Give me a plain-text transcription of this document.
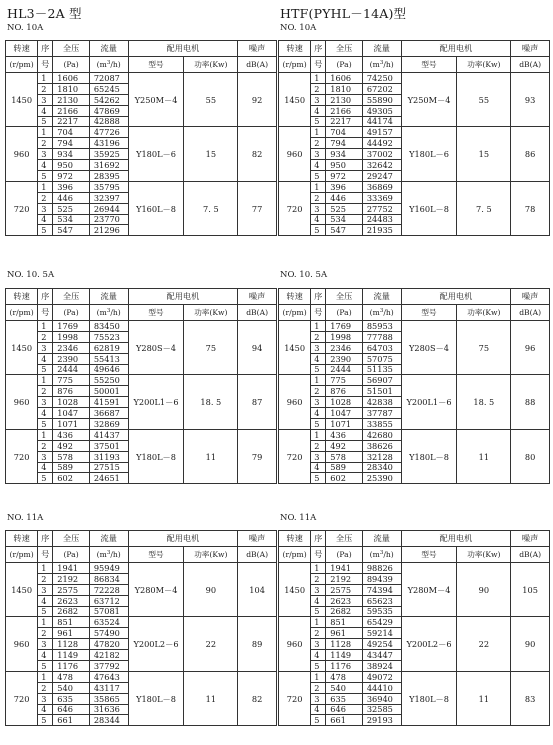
HL3－2A 型	HTF(PYHL－14A)型
NO. 10A
转速	序	全压	流量	配用电机		噪声
(r/pm)	号	(Pa)	$(m^3/h)$	型号	功率(Kw)	dB(A)
1450	1	1606	72087	Y250M－4	55	92
	2	1810	65245			
	3	2130	54262			
	4	2166	47869			
	5	2217	42888			
960	1	704	47726	Y180L－6	15	82
	2	794	43196			
	3	934	35925			
	4	950	31692			
	5	972	28395			
720	1	396	35795	Y160L－8	7. 5	77
	2	446	32397			
	3	525	26944			
	4	534	23770			
	5	547	21296			
NO. 10. 5A
转速	序	全压	流量	配用电机		噪声
(r/pm)	号	(Pa)	$(m^3/h)$	型号	功率(Kw)	dB(A)
1450	1	1769	83450	Y280S－4	75	94
	2	1998	75523			
	3	2346	62819			
	4	2390	55413			
	5	2444	49646			
960	1	775	55250	Y200L1－6	18. 5	87
	2	876	50001			
	3	1028	41591			
	4	1047	36687			
	5	1071	32869			
720	1	436	41437	Y180L－8	11	79
	2	492	37501			
	3	578	31193			
	4	589	27515			
	5	602	24651			
NO. 11A
转速	序	全压	流量	配用电机		噪声
(r/pm)	号	(Pa)	$(m^3/h)$	型号	功率(Kw)	dB(A)
1450	1	1941	95949	Y280M－4	90	104
	2	2192	86834			
	3	2575	72228			
	4	2623	63712			
	5	2682	57081			
960	1	851	63524	Y200L2－6	22	89
	2	961	57490			
	3	1128	47820			
	4	1149	42182			
	5	1176	37792			
720	1	478	47643	Y180L－8	11	82
	2	540	43117			
	3	635	35865			
	4	646	31636			
	5	661	28344			
NO. 10A
转速	序	全压	流量	配用电机		噪声
(r/pm)	号	(Pa)	$(m^3/h)$	型号	功率(Kw)	dB(A)
1450	1	1606	74250	Y250M－4	55	93
	2	1810	67202			
	3	2130	55890			
	4	2166	49305			
	5	2217	44174			
960	1	704	49157	Y180L－6	15	86
	2	794	44492			
	3	934	37002			
	4	950	32642			
	5	972	29247			
720	1	396	36869	Y160L－8	7. 5	78
	2	446	33369			
	3	525	27752			
	4	534	24483			
	5	547	21935			
NO. 10. 5A
转速	序	全压	流量	配用电机		噪声
(r/pm)	号	(Pa)	$(m^3/h)$	型号	功率(Kw)	dB(A)
1450	1	1769	85953	Y280S－4	75	96
	2	1998	77788			
	3	2346	64703			
	4	2390	57075			
	5	2444	51135			
960	1	775	56907	Y200L1－6	18. 5	88
	2	876	51501			
	3	1028	42838			
	4	1047	37787			
	5	1071	33855			
720	1	436	42680	Y180L－8	11	80
	2	492	38626			
	3	578	32128			
	4	589	28340			
	5	602	25390			
NO. 11A
转速	序	全压	流量	配用电机		噪声
(r/pm)	号	(Pa)	$(m^3/h)$	型号	功率(Kw)	dB(A)
1450	1	1941	98826	Y280M－4	90	105
	2	2192	89439			
	3	2575	74394			
	4	2623	65623			
	5	2682	59535			
960	1	851	65429	Y200L2－6	22	90
	2	961	59214			
	3	1128	49254			
	4	1149	43447			
	5	1176	38924			
720	1	478	49072	Y180L－8	11	83
	2	540	44410			
	3	635	36940			
	4	646	32585			
	5	661	29193			
